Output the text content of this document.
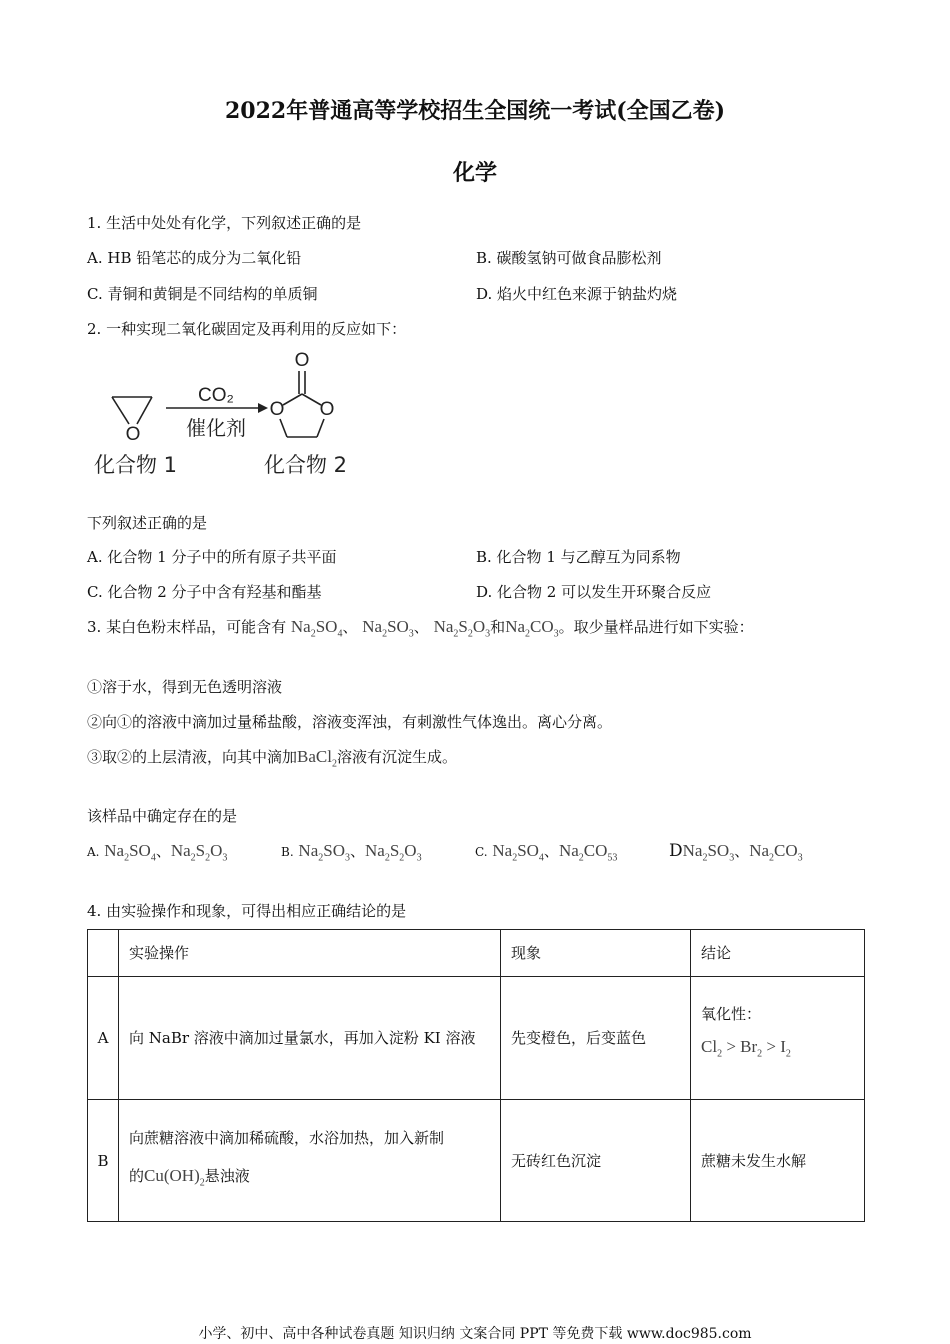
2022年普通高等学校招生全国统一考试(全国乙卷)
化学
1. 生活中处处有化学，下列叙述正确的是
A. HB 铅笔芯的成分为二氧化铅	B. 碳酸氢钠可做食品膨松剂
C. 青铜和黄铜是不同结构的单质铜	D. 焰火中红色来源于钠盐灼烧
2. 一种实现二氧化碳固定及再利用的反应如下：
O
CO₂
催化剂
O
O O
化合物 1	化合物 2
下列叙述正确的是
A. 化合物 1 分子中的所有原子共平面	B. 化合物 1 与乙醇互为同系物
C. 化合物 2 分子中含有羟基和酯基	D. 化合物 2 可以发生开环聚合反应
3. 某白色粉末样品，可能含有 $Na_2SO_4$、 $Na_2SO_3$、 $Na_2S_2O_3$和$Na_2CO_3$。取少量样品进行如下实验：
①溶于水，得到无色透明溶液
②向①的溶液中滴加过量稀盐酸，溶液变浑浊，有刺激性气体逸出。离心分离。
③取②的上层清液，向其中滴加BaCl$_2$溶液有沉淀生成。
该样品中确定存在的是
A. $Na_2SO_4$、$Na_2S_2O_3$	B. $Na_2SO_3$、$Na_2S_2O_3$	C. $Na_2SO_4$、$Na_2CO_{53}$	$DNa_2SO_3$、$Na_2CO_3$
4. 由实验操作和现象，可得出相应正确结论的是
	实验操作	现象	结论
A	向 NaBr 溶液中滴加过量氯水，再加入淀粉 KI 溶液	先变橙色，后变蓝色	氧化性：
$Cl_2 > Br_2 > I_2$

B	向蔗糖溶液中滴加稀硫酸，水浴加热，加入新制
的$Cu(OH)_2$悬浊液	无砖红色沉淀	蔗糖未发生水解
小学、初中、高中各种试卷真题 知识归纳 文案合同 PPT 等免费下载 www.doc985.com
